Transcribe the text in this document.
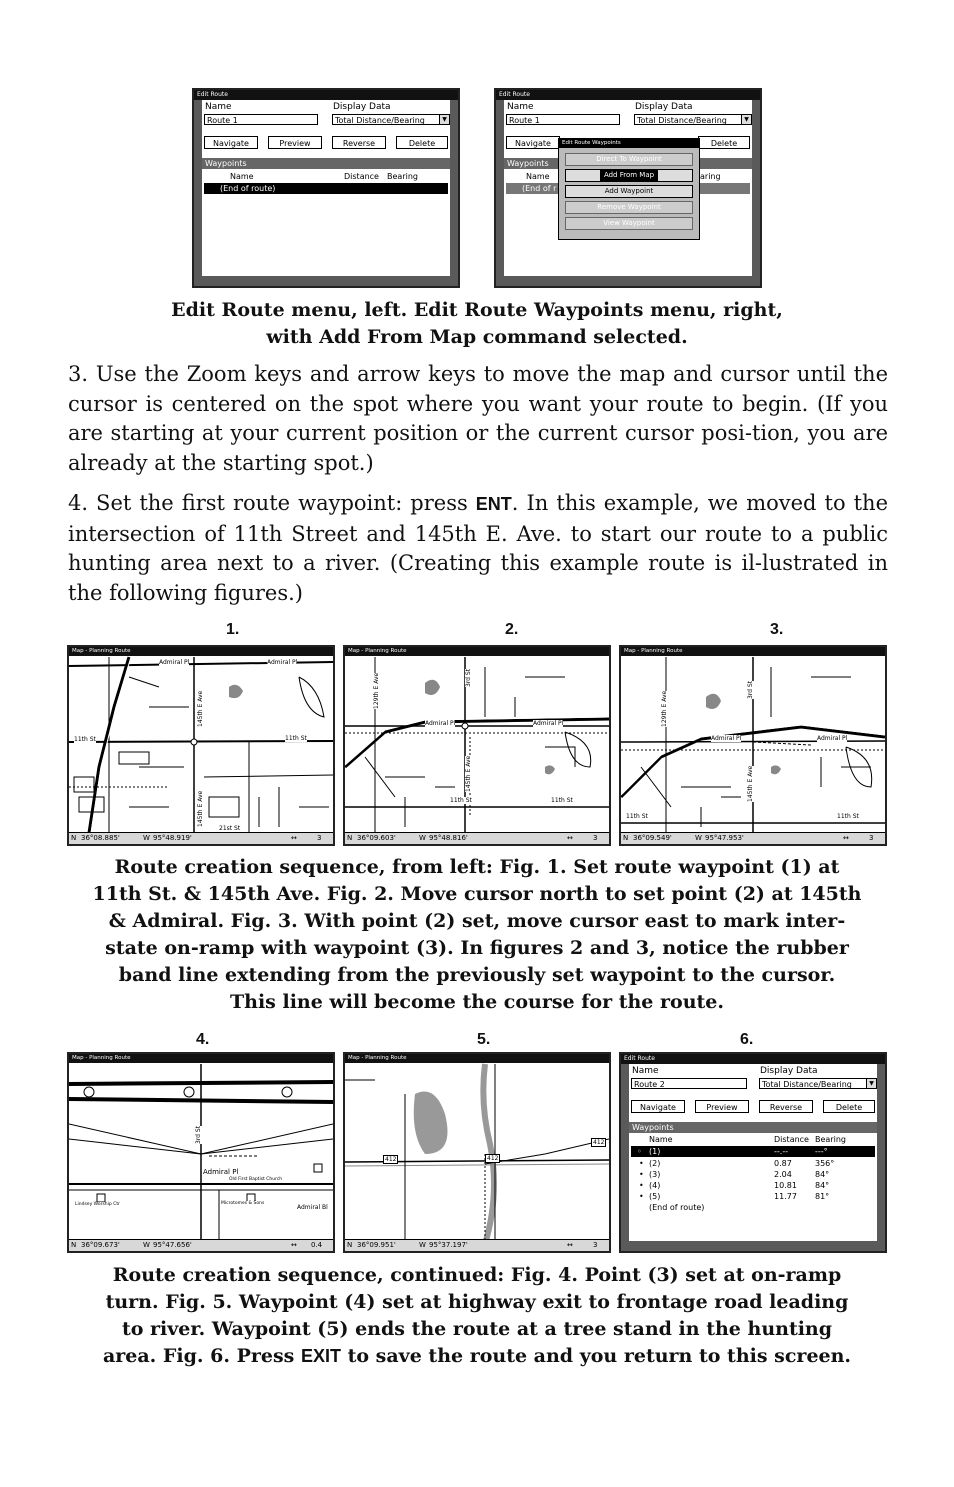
Edit Route
Name	Display Data
Route 1	Total Distance/Bearing	▼
Navigate	Preview	Reverse	Delete
Waypoints
Name	Distance Bearing
(End of route)
Edit Route
Name	Display Data
Route 1	Total Distance/Bearing	▼
Navigate	Delete
Waypoints
Name	aring
(End of r
Edit Route Waypoints
Direct To Waypoint
Add From Map
Add Waypoint
Remove Waypoint
View Waypoint
Edit Route menu, left. Edit Route Waypoints menu, right,
with Add From Map command selected.
3. Use the Zoom keys and arrow keys to move the map and cursor until the cursor is centered on the spot where you want your route to begin. (If you are starting at your current position or the current cursor posi-tion, you are already at the starting spot.)
4. Set the first route waypoint: press ENT. In this example, we moved to the intersection of 11th Street and 145th E. Ave. to start our route to a public hunting area next to a river. (Creating this example route is il-lustrated in the following figures.)
1.	2.	3.
Map - Planning Route
Admiral Pl	Admiral Pl
11th St	11th St
145th E Ave
145th E Ave
21st St
N 36°08.885'	W 95°48.919'	↔	3
Map - Planning Route
Admiral Pl	Admiral Pl
11th St	11th St
3rd St
145th E Ave
129th E Ave
N 36°09.603'	W 95°48.816'	↔	3
Map - Planning Route
Admiral Pl	Admiral Pl
11th St	11th St
3rd St
145th E Ave
129th E Ave
N 36°09.549'	W 95°47.953'	↔	3
Route creation sequence, from left: Fig. 1. Set route waypoint (1) at
11th St. & 145th Ave. Fig. 2. Move cursor north to set point (2) at 145th
& Admiral. Fig. 3. With point (2) set, move cursor east to mark inter-
state on-ramp with waypoint (3). In figures 2 and 3, notice the rubber
band line extending from the previously set waypoint to the cursor.
This line will become the course for the route.
4.	5.	6.
Map - Planning Route
Admiral Pl
3rd St
Admiral Bl
Microtomes & Sons
Lindsey Worship Ctr
Old First Baptist Church
N 36°09.673'	W 95°47.656'	↔ 0.4
Map - Planning Route
412	412
412
N 36°09.951'	W 95°37.197'	↔	3
Edit Route
Name	Display Data
Route 2	Total Distance/Bearing	▼
Navigate	Preview	Reverse	Delete
Waypoints
Name	Distance Bearing
◦ (1)	--.--	---°
• (2)	0.87	356°
• (3)	2.04	84°
• (4)	10.81 84°
• (5)	11.77 81°
(End of route)
Route creation sequence, continued: Fig. 4. Point (3) set at on-ramp
turn. Fig. 5. Waypoint (4) set at highway exit to frontage road leading
to river. Waypoint (5) ends the route at a tree stand in the hunting
area. Fig. 6. Press EXIT to save the route and you return to this screen.
